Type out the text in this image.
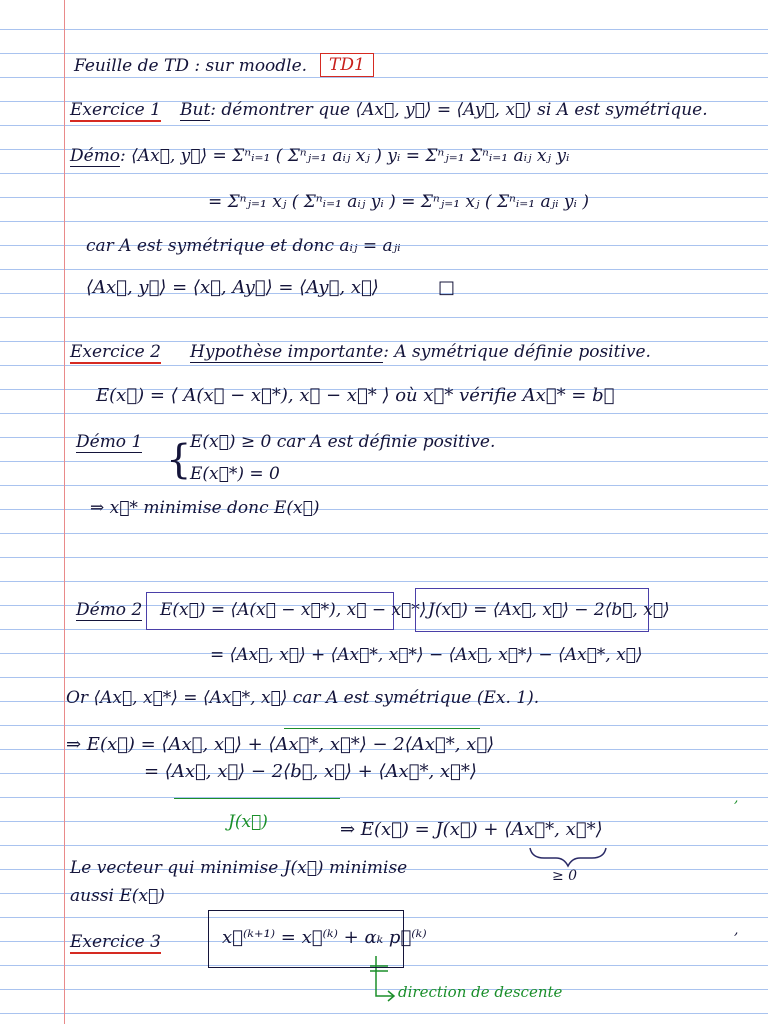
Feuille de TD : sur moodle.	TD1
Exercice 1 But: démontrer que ⟨Ax⃗, y⃗⟩ = ⟨Ay⃗, x⃗⟩ si A est symétrique.
Démo: ⟨Ax⃗, y⃗⟩ = Σⁿᵢ₌₁ ( Σⁿⱼ₌₁ aᵢⱼ xⱼ ) yᵢ = Σⁿⱼ₌₁ Σⁿᵢ₌₁ aᵢⱼ xⱼ yᵢ
= Σⁿⱼ₌₁ xⱼ ( Σⁿᵢ₌₁ aᵢⱼ yᵢ ) = Σⁿⱼ₌₁ xⱼ ( Σⁿᵢ₌₁ aⱼᵢ yᵢ )
car A est symétrique et donc aᵢⱼ = aⱼᵢ
⟨Ax⃗, y⃗⟩ = ⟨x⃗, Ay⃗⟩ = ⟨Ay⃗, x⃗⟩	□
Exercice 2 Hypothèse importante: A symétrique définie positive.
E(x⃗) = ⟨ A(x⃗ − x⃗*), x⃗ − x⃗* ⟩ où x⃗* vérifie Ax⃗* = b⃗
Démo 1 {
E(x⃗) ≥ 0 car A est définie positive.
E(x⃗*) = 0
⇒ x⃗* minimise donc E(x⃗)
Démo 2 E(x⃗) = ⟨A(x⃗ − x⃗*), x⃗ − x⃗*⟩ J(x⃗) = ⟨Ax⃗, x⃗⟩ − 2⟨b⃗, x⃗⟩
= ⟨Ax⃗, x⃗⟩ + ⟨Ax⃗*, x⃗*⟩ − ⟨Ax⃗, x⃗*⟩ − ⟨Ax⃗*, x⃗⟩
Or ⟨Ax⃗, x⃗*⟩ = ⟨Ax⃗*, x⃗⟩ car A est symétrique (Ex. 1).
⇒ E(x⃗) = ⟨Ax⃗, x⃗⟩ + ⟨Ax⃗*, x⃗*⟩ − 2⟨Ax⃗*, x⃗⟩
= ⟨Ax⃗, x⃗⟩ − 2⟨b⃗, x⃗⟩ + ⟨Ax⃗*, x⃗*⟩
J(x⃗)	⇒ E(x⃗) = J(x⃗) + ⟨Ax⃗*, x⃗*⟩
≥ 0
Le vecteur qui minimise J(x⃗) minimise
aussi E(x⃗)
Exercice 3	x⃗⁽ᵏ⁺¹⁾ = x⃗⁽ᵏ⁾ + αₖ p⃗⁽ᵏ⁾
direction de descente
,
,
